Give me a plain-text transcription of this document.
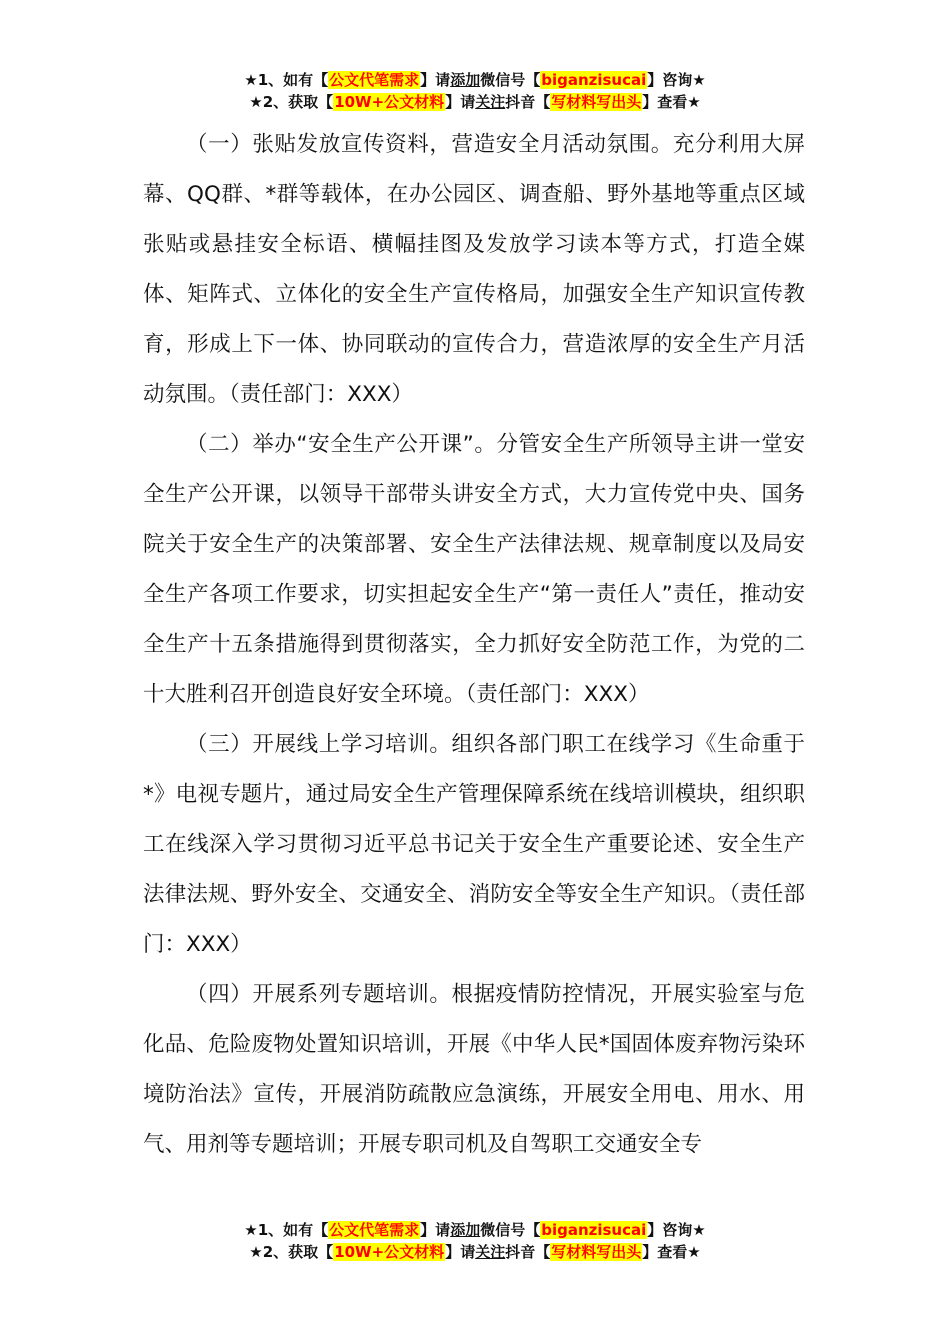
★1、如有【公文代笔需求】请添加微信号【biganzisucai】咨询★
★2、获取【10W+公文材料】请关注抖音【写材料写出头】查看★

（一）张贴发放宣传资料，营造安全月活动氛围。充分利用大屏幕、QQ群、*群等载体，在办公园区、调查船、野外基地等重点区域张贴或悬挂安全标语、横幅挂图及发放学习读本等方式，打造全媒体、矩阵式、立体化的安全生产宣传格局，加强安全生产知识宣传教育，形成上下一体、协同联动的宣传合力，营造浓厚的安全生产月活动氛围。（责任部门：XXX）

（二）举办“安全生产公开课”。分管安全生产所领导主讲一堂安全生产公开课，以领导干部带头讲安全方式，大力宣传党中央、国务院关于安全生产的决策部署、安全生产法律法规、规章制度以及局安全生产各项工作要求，切实担起安全生产“第一责任人”责任，推动安全生产十五条措施得到贯彻落实，全力抓好安全防范工作，为党的二十大胜利召开创造良好安全环境。（责任部门：XXX）

（三）开展线上学习培训。组织各部门职工在线学习《生命重于*》电视专题片，通过局安全生产管理保障系统在线培训模块，组织职工在线深入学习贯彻习近平总书记关于安全生产重要论述、安全生产法律法规、野外安全、交通安全、消防安全等安全生产知识。（责任部门：XXX）

（四）开展系列专题培训。根据疫情防控情况，开展实验室与危化品、危险废物处置知识培训，开展《中华人民*国固体废弃物污染环境防治法》宣传，开展消防疏散应急演练，开展安全用电、用水、用气、用剂等专题培训；开展专职司机及自驾职工交通安全专

★1、如有【公文代笔需求】请添加微信号【biganzisucai】咨询★
★2、获取【10W+公文材料】请关注抖音【写材料写出头】查看★
